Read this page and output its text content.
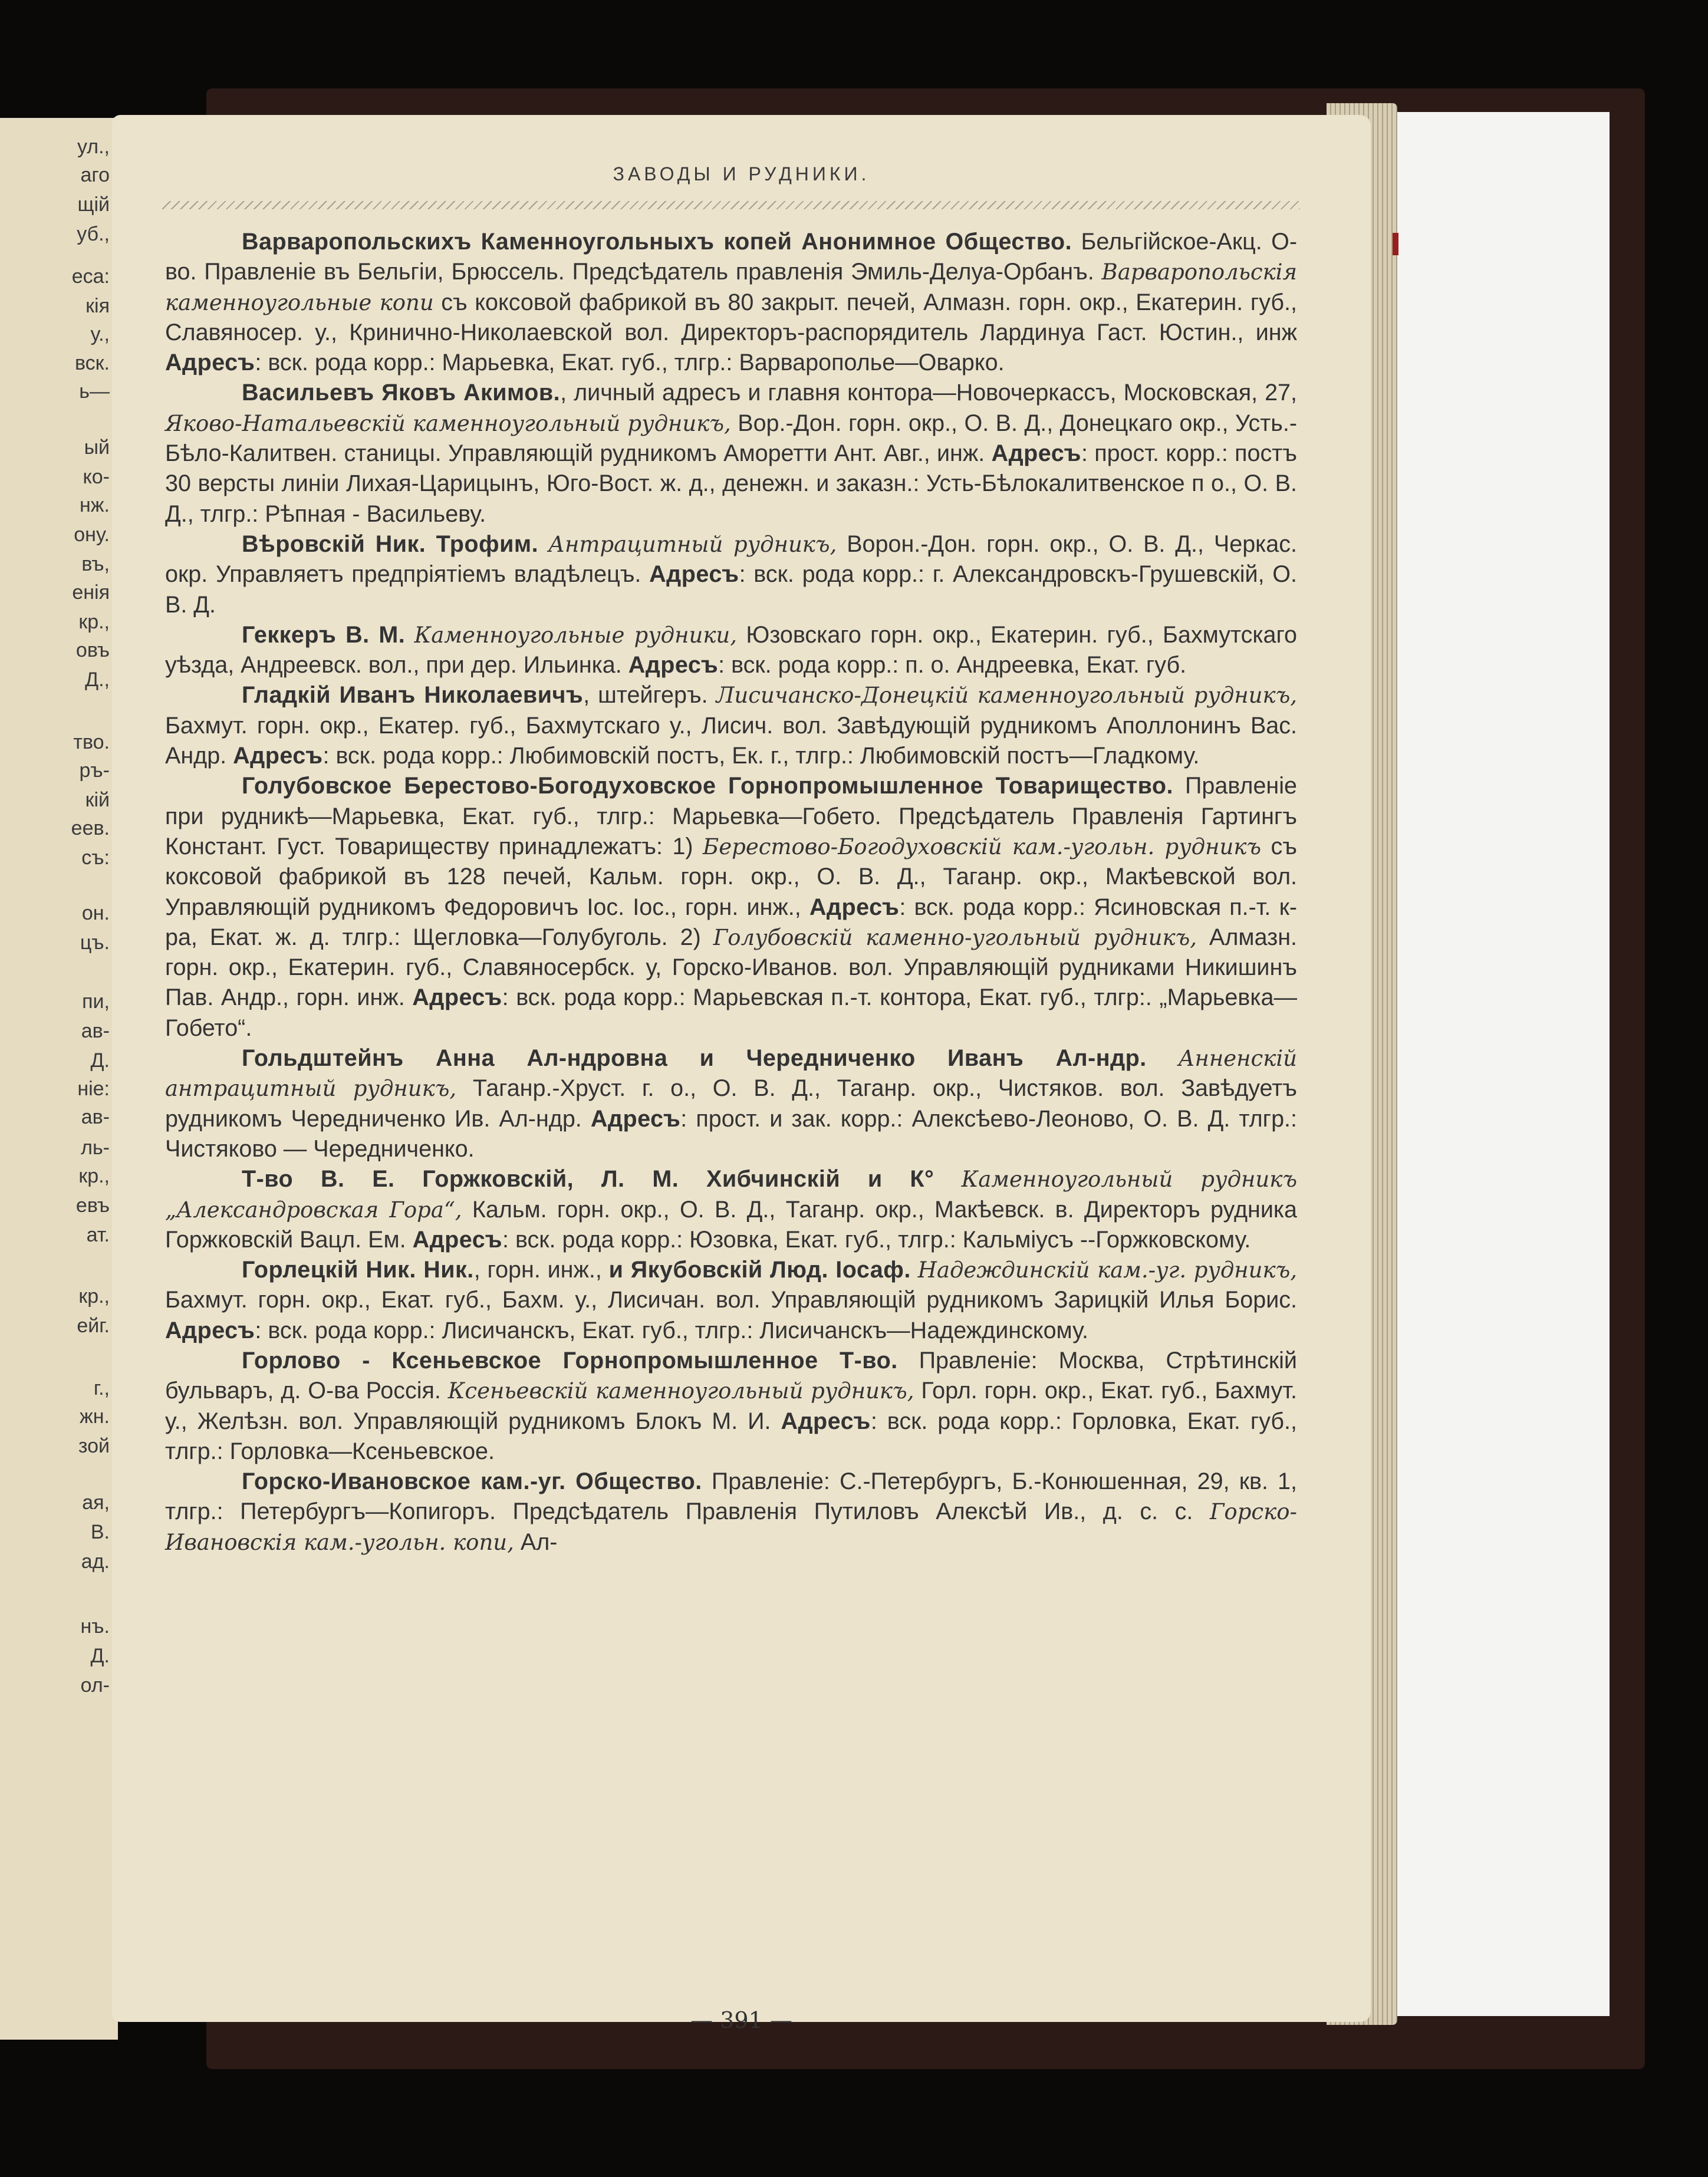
ул.,
аго
щій
уб.,
еса:
кія
у.,
вск.
ь—
ый
ко-
нж.
ону.
въ,
енія
кр.,
овъ
Д.,
тво.
ръ-
кій
еев.
съ:
он.
цъ.
пи,
ав-
Д.
ніе:
ав-
ль-
кр.,
евъ
ат.
кр.,
ейг.
г.,
жн.
зой
ая,
В.
ад.
нъ.
Д.
ол-
ЗАВОДЫ И РУДНИКИ.

Варваропольскихъ Каменноугольныхъ копей Анонимное Общество. Бельгійское-Акц. О-во. Правленіе въ Бельгіи, Брюссель. Предсѣдатель правленія Эмиль-Делуа-Орбанъ. Варваропольскія каменноугольные копи съ коксовой фабрикой въ 80 закрыт. печей, Алмазн. горн. окр., Екатерин. губ., Славяносер. у., Кринично-Николаевской вол. Директоръ-распорядитель Лардинуа Гаст. Юстин., инж Адресъ: вск. рода корр.: Марьевка, Екат. губ., тлгр.: Варваропольe—Оварко.

Васильевъ Яковъ Акимов., личный адресъ и главня контора—Новочеркассъ, Московская, 27, Яково-Натальевскій каменноугольный рудникъ, Вор.-Дон. горн. окр., О. В. Д., Донецкаго окр., Усть.-Бѣло-Калитвен. станицы. Управляющій рудникомъ Аморетти Ант. Авг., инж. Адресъ: прост. корр.: постъ 30 версты линіи Лихая-Царицынъ, Юго-Вост. ж. д., денежн. и заказн.: Усть-Бѣлокалитвенское п о., О. В. Д., тлгр.: Рѣпная - Васильеву.

Вѣровскій Ник. Трофим. Антрацитный рудникъ, Ворон.-Дон. горн. окр., О. В. Д., Черкас. окр. Управляетъ предпріятіемъ владѣлецъ. Адресъ: вск. рода корр.: г. Александровскъ-Грушевскій, О. В. Д.

Геккеръ В. М. Каменноугольные рудники, Юзовскаго горн. окр., Екатерин. губ., Бахмутскаго уѣзда, Андреевск. вол., при дер. Ильинка. Адресъ: вск. рода корр.: п. о. Андреевка, Екат. губ.

Гладкій Иванъ Николаевичъ, штейгеръ. Лисичанско-Донецкій каменноугольный рудникъ, Бахмут. горн. окр., Екатер. губ., Бахмутскаго у., Лисич. вол. Завѣдующій рудникомъ Аполлонинъ Вас. Андр. Адресъ: вск. рода корр.: Любимовскій постъ, Ек. г., тлгр.: Любимовскій постъ—Гладкому.

Голубовское Берестово-Богодуховское Горнопромышленное Товарищество. Правленіе при рудникѣ—Марьевка, Екат. губ., тлгр.: Марьевка—Гобето. Предсѣдатель Правленія Гартингъ Констант. Густ. Товариществу принадлежатъ: 1) Берестово-Богодуховскій кам.-угольн. рудникъ съ коксовой фабрикой въ 128 печей, Кальм. горн. окр., О. В. Д., Таганр. окр., Макѣевской вол. Управляющій рудникомъ Федоровичъ Іос. Іос., горн. инж., Адресъ: вск. рода корр.: Ясиновская п.-т. к-ра, Екат. ж. д. тлгр.: Щегловка—Голубуголь. 2) Голубовскій каменно-угольный рудникъ, Алмазн. горн. окр., Екатерин. губ., Славяносербск. у, Горско-Иванов. вол. Управляющій рудниками Никишинъ Пав. Андр., горн. инж. Адресъ: вск. рода корр.: Марьевская п.-т. контора, Екат. губ., тлгр:. „Марьевка—Гобето“.

Гольдштейнъ Анна Ал-ндровна и Чередниченко Иванъ Ал-ндр. Анненскій антрацитный рудникъ, Таганр.-Хруст. г. о., О. В. Д., Таганр. окр., Чистяков. вол. Завѣдуетъ рудникомъ Чередниченко Ив. Ал-ндр. Адресъ: прост. и зак. корр.: Алексѣево-Леоново, О. В. Д. тлгр.: Чистяково — Чередниченко.

Т-во В. Е. Горжковскій, Л. М. Хибчинскій и К° Каменноугольный рудникъ „Александровская Гора“, Кальм. горн. окр., О. В. Д., Таганр. окр., Макѣевск. в. Директоръ рудника Горжковскій Вацл. Ем. Адресъ: вск. рода корр.: Юзовка, Екат. губ., тлгр.: Кальміусъ --Горжковскому.

Горлецкій Ник. Ник., горн. инж., и Якубовскій Люд. Іосаф. Надеждинскій кам.-уг. рудникъ, Бахмут. горн. окр., Екат. губ., Бахм. у., Лисичан. вол. Управляющій рудникомъ Зарицкій Илья Борис. Адресъ: вск. рода корр.: Лисичанскъ, Екат. губ., тлгр.: Лисичанскъ—Надеждинскому.

Горлово - Ксеньевское Горнопромышленное Т-во. Правленіе: Москва, Стрѣтинскій бульваръ, д. О-ва Россія. Ксеньевскій каменноугольный рудникъ, Горл. горн. окр., Екат. губ., Бахмут. у., Желѣзн. вол. Управляющій рудникомъ Блокъ М. И. Адресъ: вск. рода корр.: Горловка, Екат. губ., тлгр.: Горловка—Ксеньевское.

Горско-Ивановское кам.-уг. Общество. Правленіе: С.-Петербургъ, Б.-Конюшенная, 29, кв. 1, тлгр.: Петербургъ—Копигоръ. Предсѣдатель Правленія Путиловъ Алексѣй Ив., д. с. с. Горско-Ивановскія кам.-угольн. копи, Ал-

— 391 —
